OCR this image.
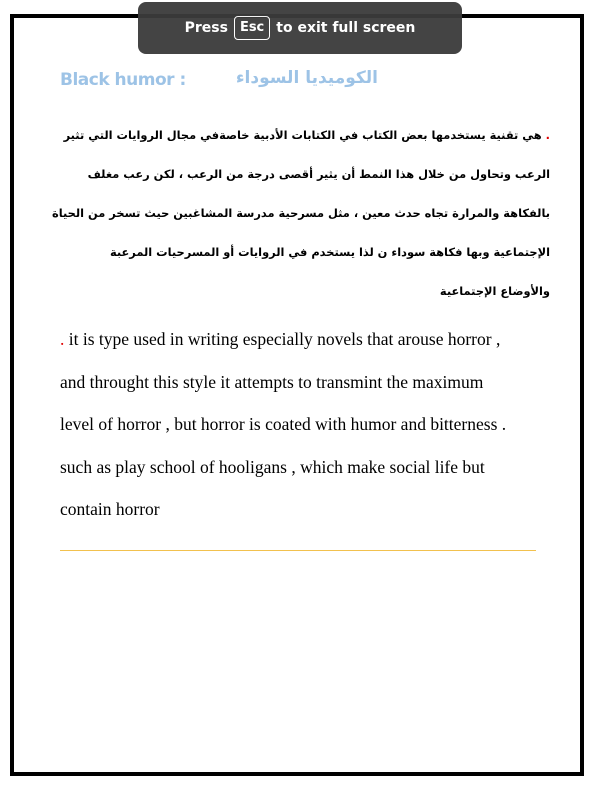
Press Esc to exit full screen
Black humor :	الكوميديا السوداء
. هي تقنية يستخدمها بعض الكتاب في الكتابات الأدبية خاصةفي مجال الروايات التي تثير
الرعب وتحاول من خلال هذا النمط أن يثير أقصى درجة من الرعب ، لكن رعب مغلف
بالفكاهة والمرارة تجاه حدث معين ، مثل مسرحية مدرسة المشاغبين حيث تسخر من الحياة
الإجتماعية وبها فكاهة سوداء ن لذا يستخدم في الروايات أو المسرحيات المرعبة
والأوضاع الإجتماعية
. it is type used in writing especially novels that arouse horror ,
and throught this style it attempts to transmint the maximum
level of horror , but horror is coated with humor and bitterness .
such as play school of hooligans , which make social life but
contain horror
